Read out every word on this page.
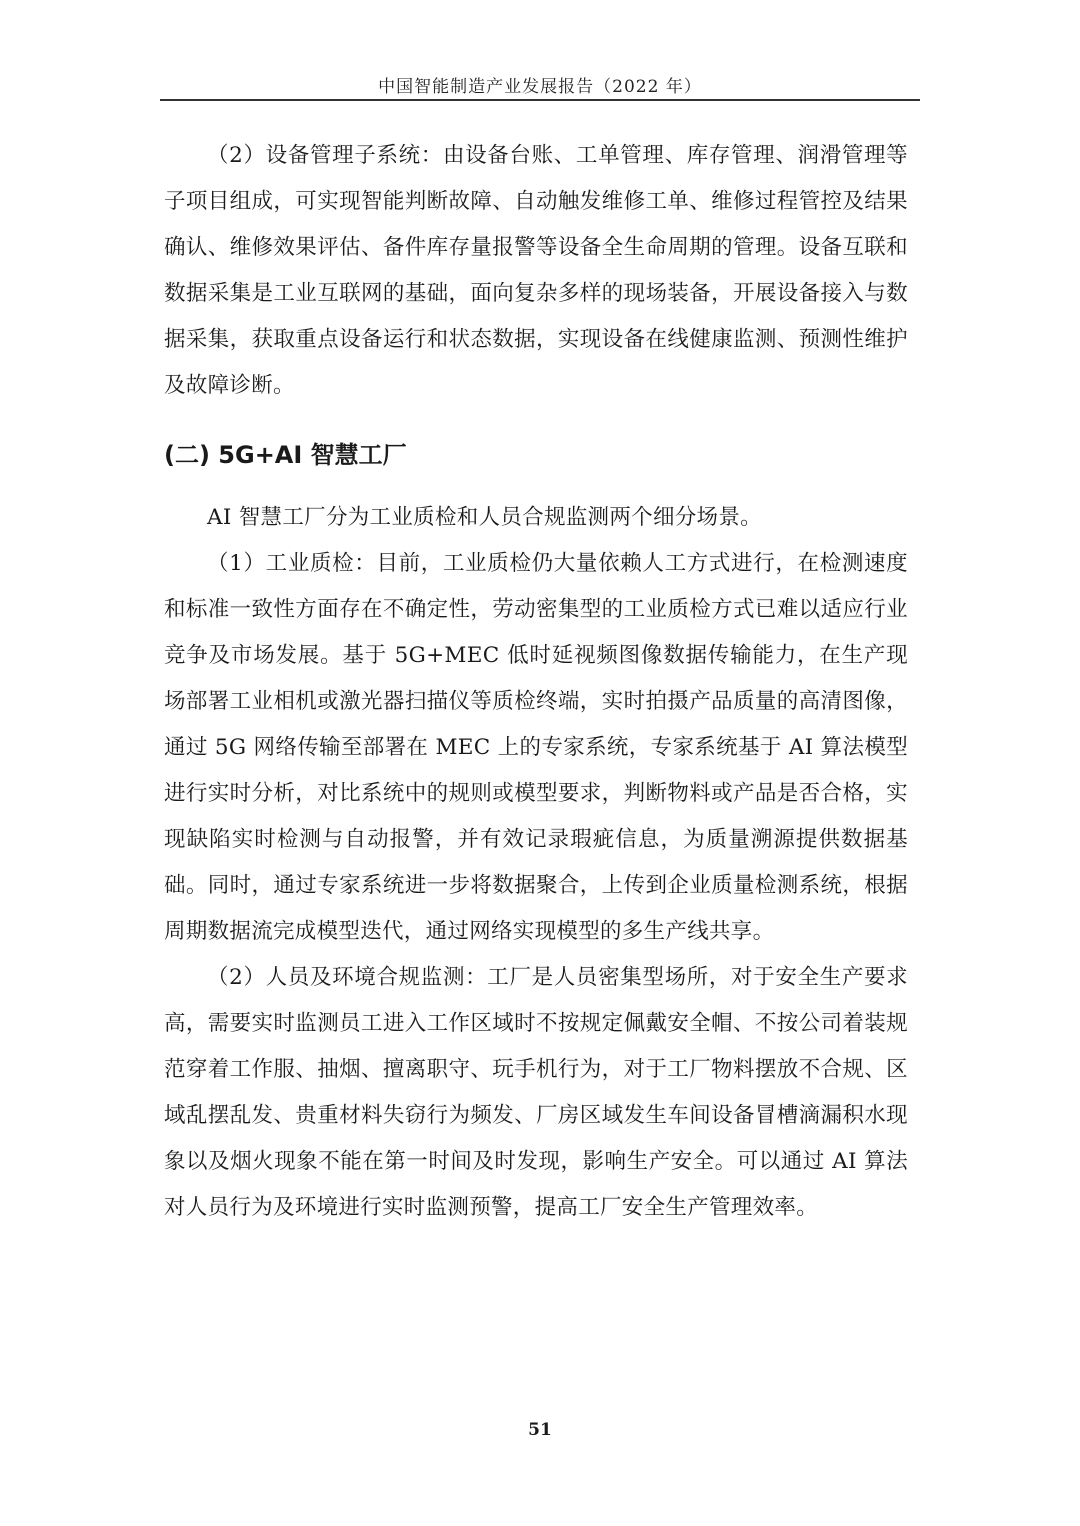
中国智能制造产业发展报告（2022 年）

（2）设备管理子系统：由设备台账、工单管理、库存管理、润滑管理等子项目组成，可实现智能判断故障、自动触发维修工单、维修过程管控及结果确认、维修效果评估、备件库存量报警等设备全生命周期的管理。设备互联和数据采集是工业互联网的基础，面向复杂多样的现场装备，开展设备接入与数据采集，获取重点设备运行和状态数据，实现设备在线健康监测、预测性维护及故障诊断。

(二) 5G+AI 智慧工厂

AI 智慧工厂分为工业质检和人员合规监测两个细分场景。

（1）工业质检：目前，工业质检仍大量依赖人工方式进行，在检测速度和标准一致性方面存在不确定性，劳动密集型的工业质检方式已难以适应行业竞争及市场发展。基于 5G+MEC 低时延视频图像数据传输能力，在生产现场部署工业相机或激光器扫描仪等质检终端，实时拍摄产品质量的高清图像，通过 5G 网络传输至部署在 MEC 上的专家系统，专家系统基于 AI 算法模型进行实时分析，对比系统中的规则或模型要求，判断物料或产品是否合格，实现缺陷实时检测与自动报警，并有效记录瑕疵信息，为质量溯源提供数据基础。同时，通过专家系统进一步将数据聚合，上传到企业质量检测系统，根据周期数据流完成模型迭代，通过网络实现模型的多生产线共享。

（2）人员及环境合规监测：工厂是人员密集型场所，对于安全生产要求高，需要实时监测员工进入工作区域时不按规定佩戴安全帽、不按公司着装规范穿着工作服、抽烟、擅离职守、玩手机行为，对于工厂物料摆放不合规、区域乱摆乱发、贵重材料失窃行为频发、厂房区域发生车间设备冒槽滴漏积水现象以及烟火现象不能在第一时间及时发现，影响生产安全。可以通过 AI 算法对人员行为及环境进行实时监测预警，提高工厂安全生产管理效率。

51
